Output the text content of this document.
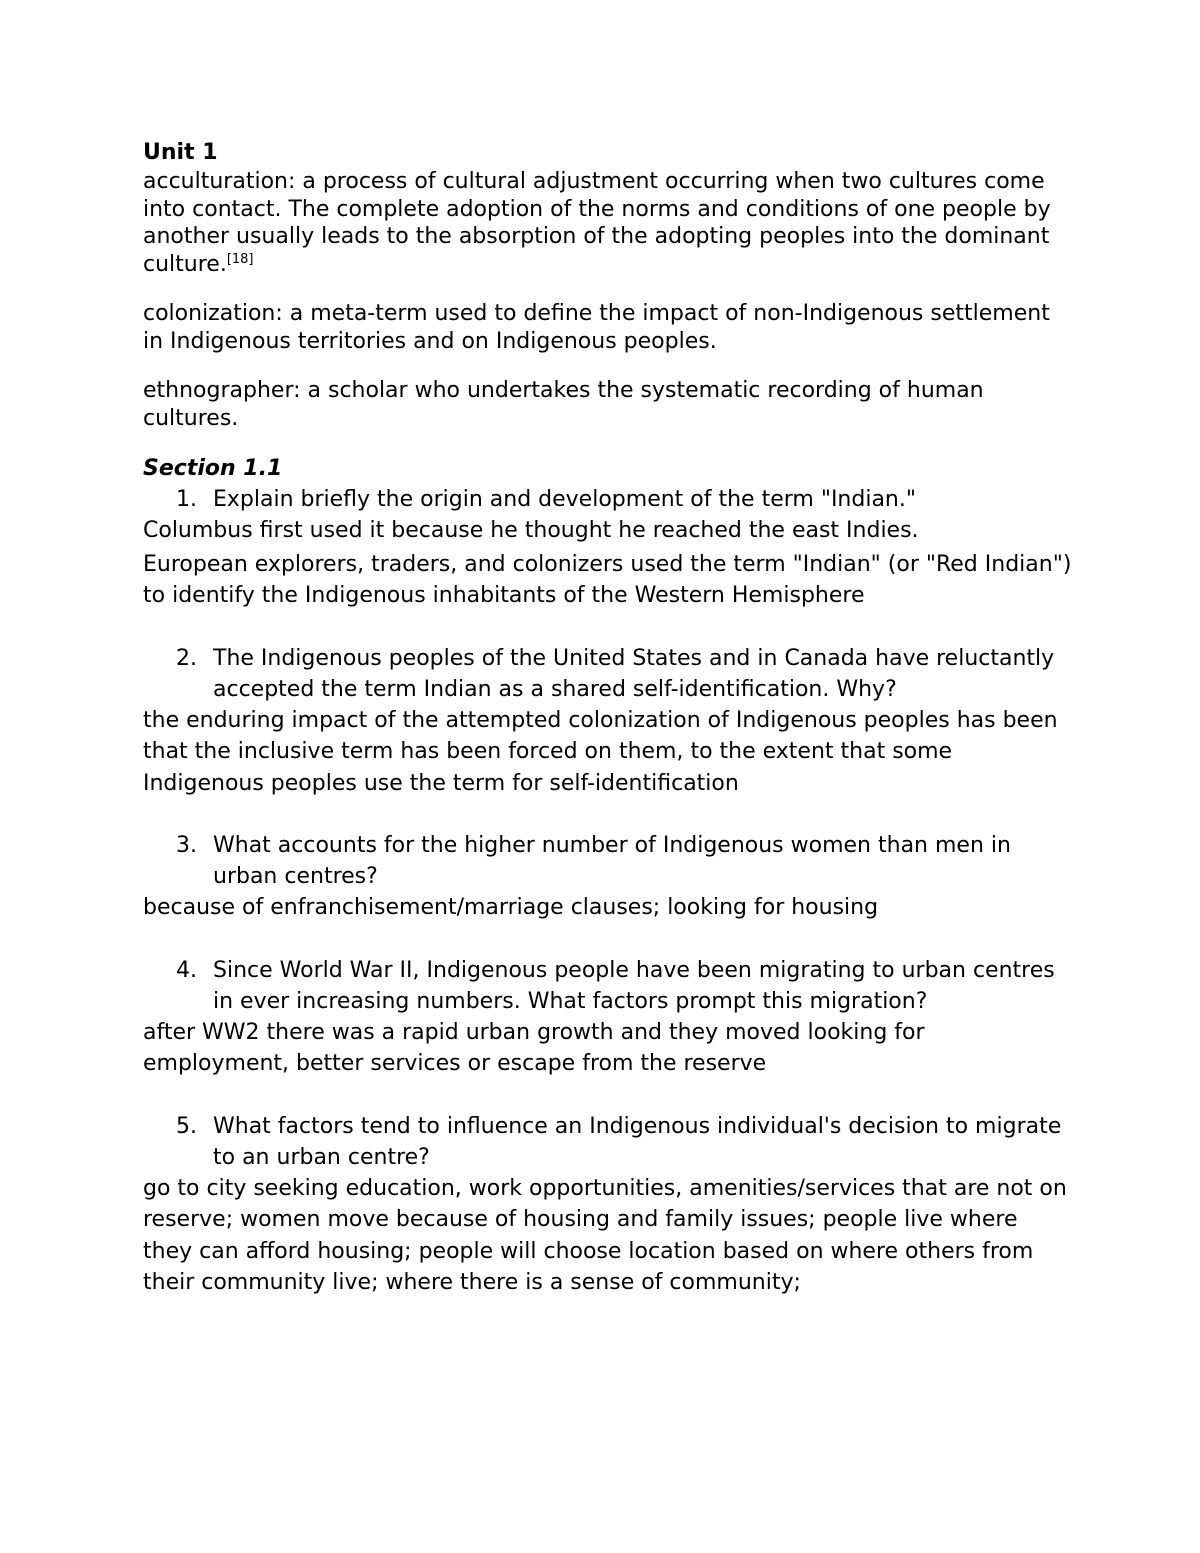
Unit 1

acculturation: a process of cultural adjustment occurring when two cultures come into contact. The complete adoption of the norms and conditions of one people by another usually leads to the absorption of the adopting peoples into the dominant culture.[18]

colonization: a meta-term used to define the impact of non-Indigenous settlement in Indigenous territories and on Indigenous peoples.

ethnographer: a scholar who undertakes the systematic recording of human cultures.

Section 1.1

1. Explain briefly the origin and development of the term "Indian."

Columbus first used it because he thought he reached the east Indies.

European explorers, traders, and colonizers used the term "Indian" (or "Red Indian") to identify the Indigenous inhabitants of the Western Hemisphere

2. The Indigenous peoples of the United States and in Canada have reluctantly accepted the term Indian as a shared self-identification. Why?

the enduring impact of the attempted colonization of Indigenous peoples has been that the inclusive term has been forced on them, to the extent that some Indigenous peoples use the term for self-identification

3. What accounts for the higher number of Indigenous women than men in urban centres?

because of enfranchisement/marriage clauses; looking for housing

4. Since World War II, Indigenous people have been migrating to urban centres in ever increasing numbers. What factors prompt this migration?

after WW2 there was a rapid urban growth and they moved looking for employment, better services or escape from the reserve

5. What factors tend to influence an Indigenous individual's decision to migrate to an urban centre?

go to city seeking education, work opportunities, amenities/services that are not on reserve; women move because of housing and family issues; people live where they can afford housing; people will choose location based on where others from their community live; where there is a sense of community;
